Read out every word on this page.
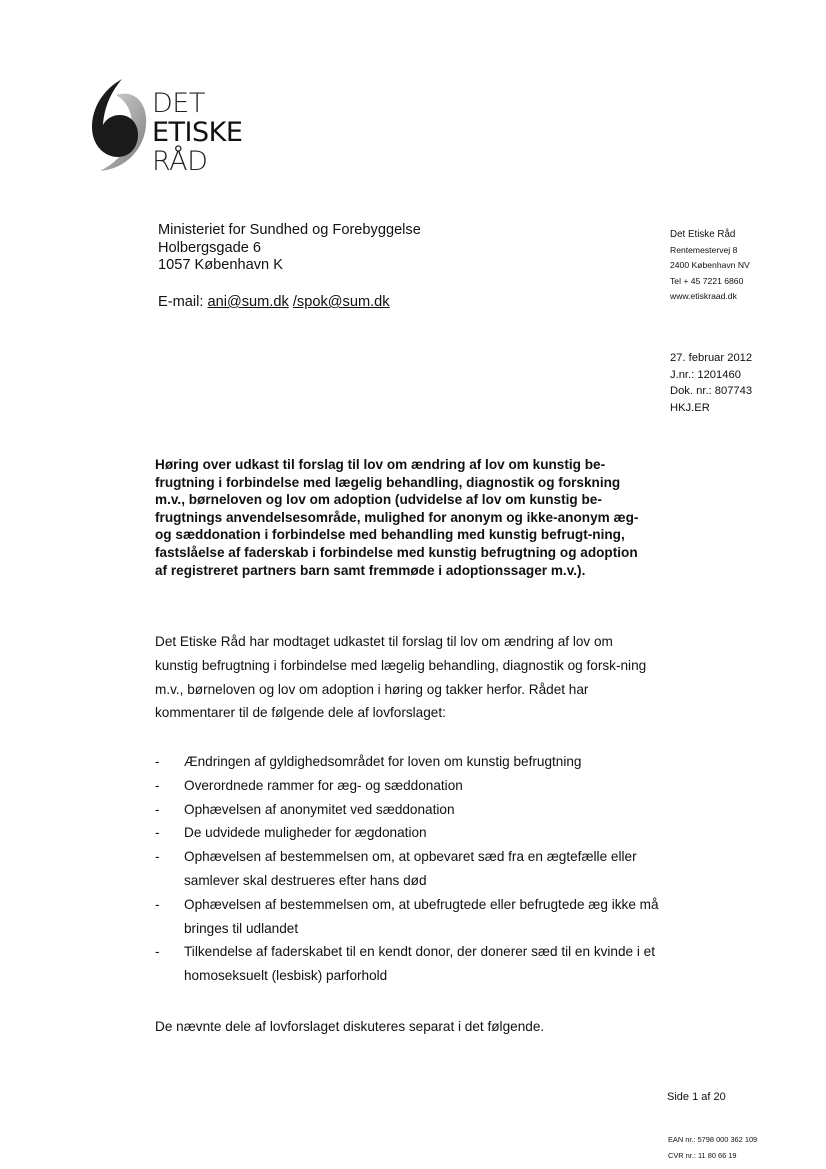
DET
ETISKE
RÅD
Ministeriet for Sundhed og Forebyggelse
Holbergsgade 6
1057 København K
E-mail: ani@sum.dk /spok@sum.dk
Det Etiske Råd
Rentemestervej 8
2400 København NV
Tel + 45 7221 6860
www.etiskraad.dk
27. februar 2012
J.nr.: 1201460
Dok. nr.: 807743
HKJ.ER
Høring over udkast til forslag til lov om ændring af lov om kunstig be-frugtning i forbindelse med lægelig behandling, diagnostik og forskning m.v., børneloven og lov om adoption (udvidelse af lov om kunstig be-frugtnings anvendelsesområde, mulighed for anonym og ikke-anonym æg- og sæddonation i forbindelse med behandling med kunstig befrugt-ning, fastslåelse af faderskab i forbindelse med kunstig befrugtning og adoption af registreret partners barn samt fremmøde i adoptionssager m.v.).
Det Etiske Råd har modtaget udkastet til forslag til lov om ændring af lov om kunstig befrugtning i forbindelse med lægelig behandling, diagnostik og forsk-ning m.v., børneloven og lov om adoption i høring og takker herfor. Rådet har kommentarer til de følgende dele af lovforslaget:
- Ændringen af gyldighedsområdet for loven om kunstig befrugtning
- Overordnede rammer for æg- og sæddonation
- Ophævelsen af anonymitet ved sæddonation
- De udvidede muligheder for ægdonation
- Ophævelsen af bestemmelsen om, at opbevaret sæd fra en ægtefælle eller samlever skal destrueres efter hans død
- Ophævelsen af bestemmelsen om, at ubefrugtede eller befrugtede æg ikke må bringes til udlandet
- Tilkendelse af faderskabet til en kendt donor, der donerer sæd til en kvinde i et homoseksuelt (lesbisk) parforhold
De nævnte dele af lovforslaget diskuteres separat i det følgende.
Side 1 af 20
EAN nr.: 5798 000 362 109
CVR nr.: 11 80 66 19
